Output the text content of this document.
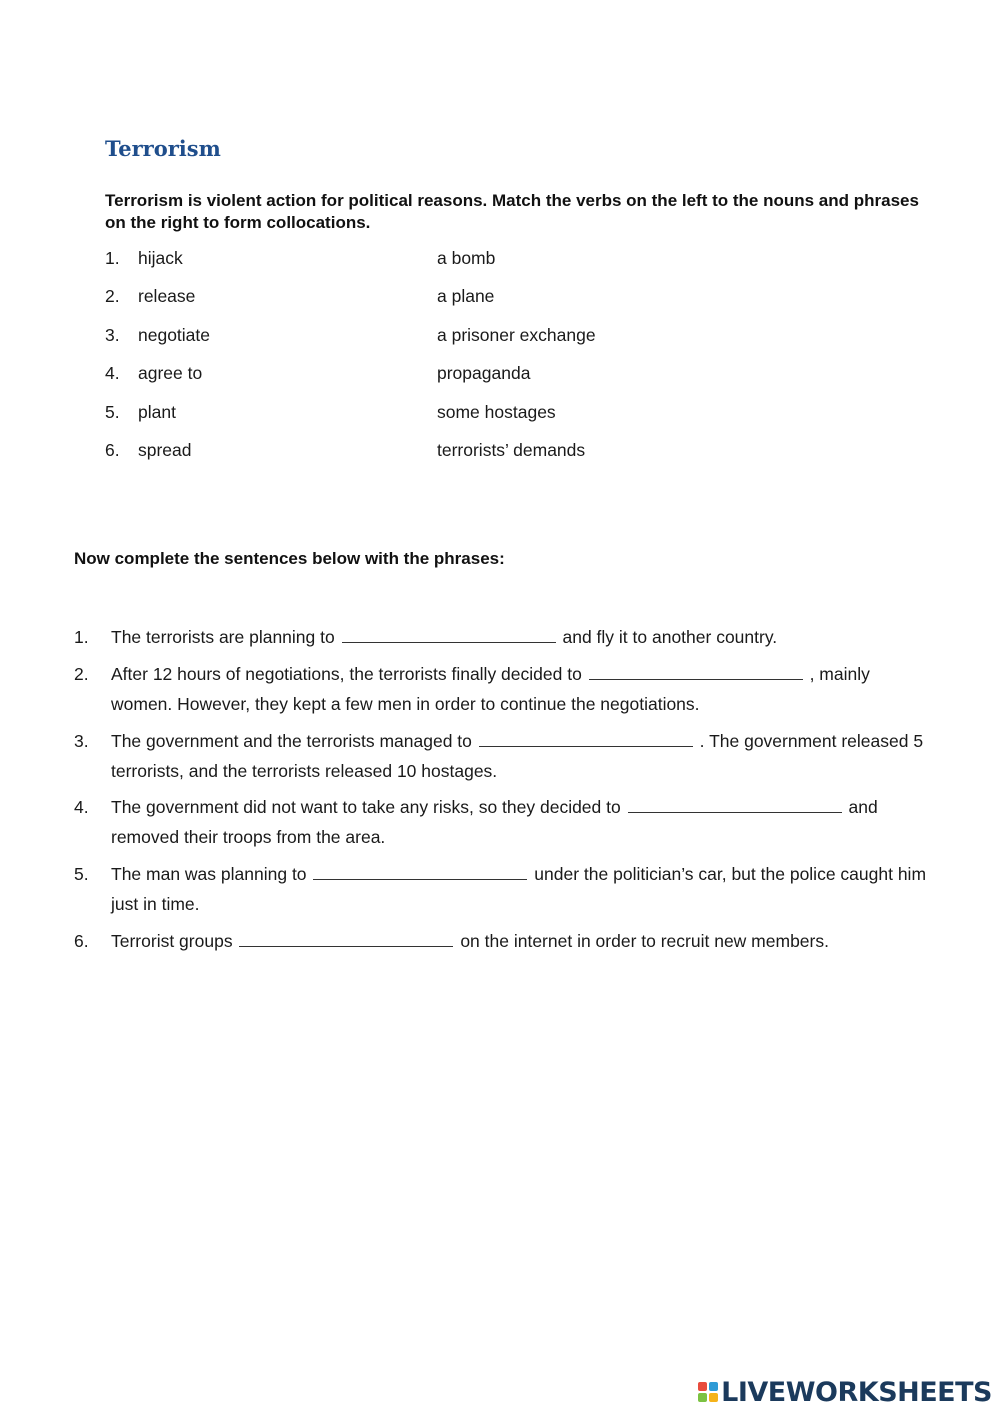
Terrorism

Terrorism is violent action for political reasons. Match the verbs on the left to the nouns and phrases on the right to form collocations.

1. hijack	a bomb
2. release	a plane
3. negotiate	a prisoner exchange
4. agree to	propaganda
5. plant	some hostages
6. spread	terrorists’ demands

Now complete the sentences below with the phrases:

1. The terrorists are planning to	and fly it to another country.
2. After 12 hours of negotiations, the terrorists finally decided to	, mainly women. However, they kept a few men in order to continue the negotiations.
3. The government and the terrorists managed to	. The government released 5 terrorists, and the terrorists released 10 hostages.
4. The government did not want to take any risks, so they decided to	and removed their troops from the area.
5. The man was planning to	under the politician’s car, but the police caught him just in time.
6. Terrorist groups	on the internet in order to recruit new members.
LIVEWORKSHEETS
